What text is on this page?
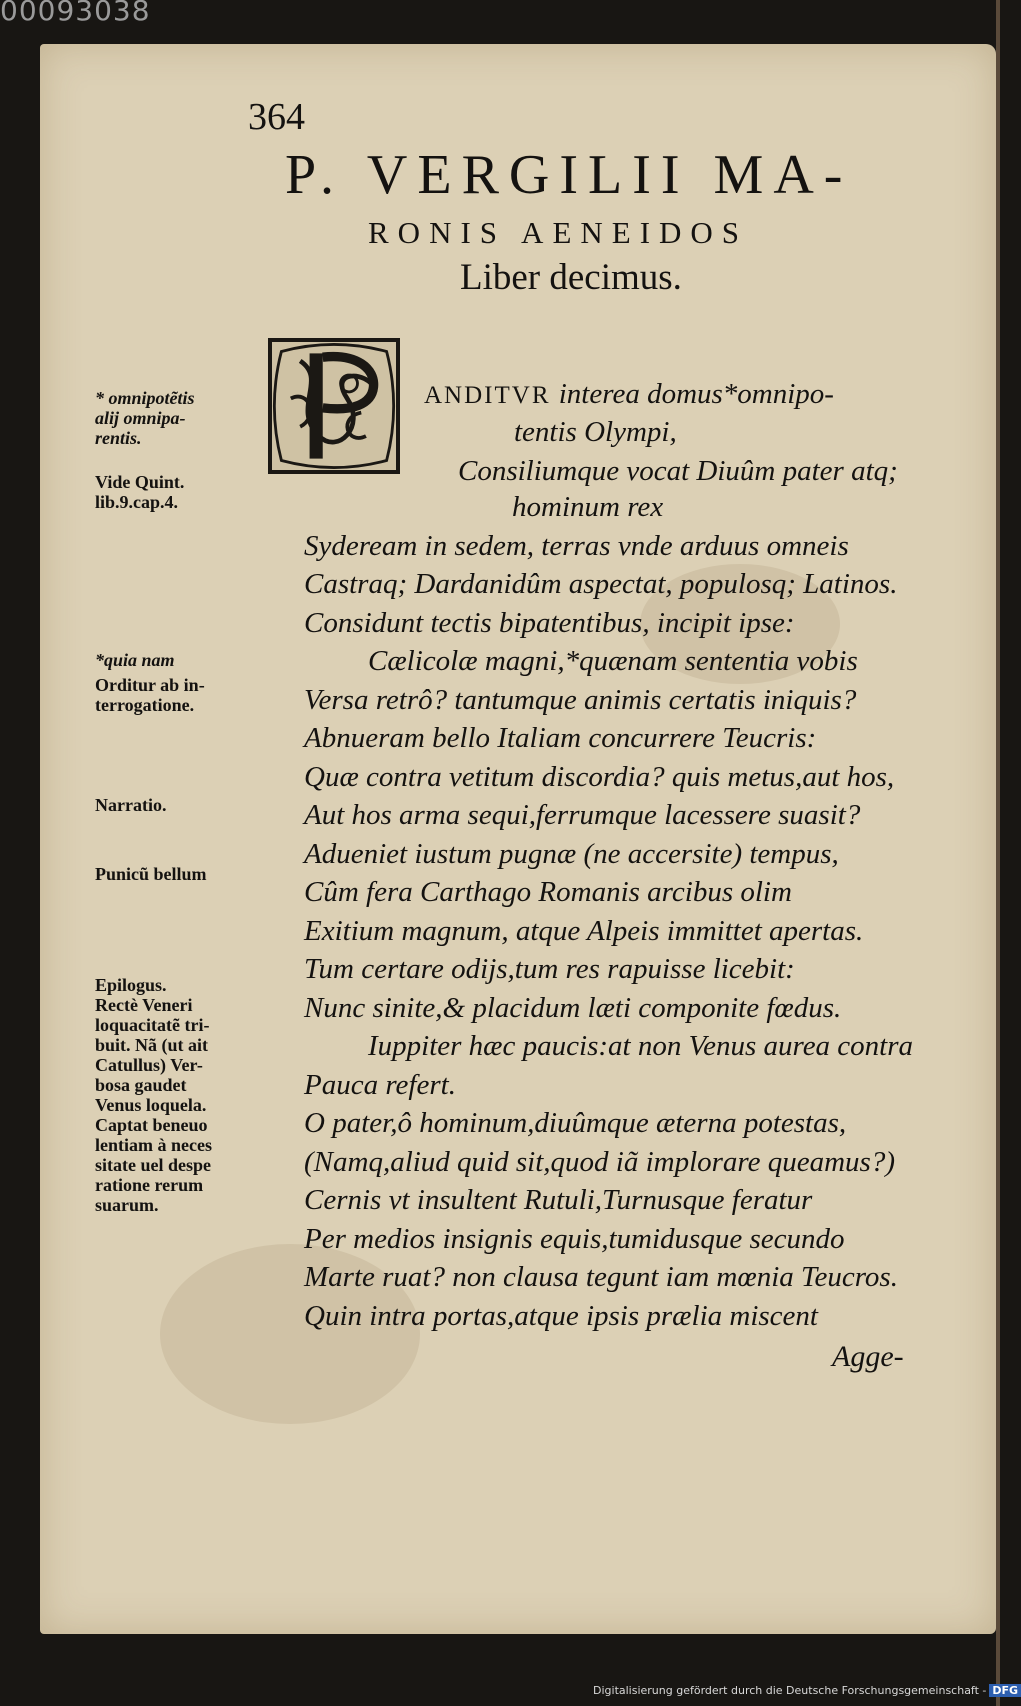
00093038
364
P. VERGILII MA-
RONIS AENEIDOS
Liber decimus.
ANDITVR interea domus*omnipo-
tentis Olympi,
Consiliumque vocat Diuûm pater atq;
hominum rex
Sydeream in sedem, terras vnde arduus omneis
Castraq; Dardanidûm aspectat, populosq; Latinos.
Considunt tectis bipatentibus, incipit ipse:
Cælicolæ magni,*quænam sententia vobis
Versa retrô? tantumque animis certatis iniquis?
Abnueram bello Italiam concurrere Teucris:
Quæ contra vetitum discordia? quis metus,aut hos,
Aut hos arma sequi,ferrumque lacessere suasit?
Adueniet iustum pugnæ (ne accersite) tempus,
Cûm fera Carthago Romanis arcibus olim
Exitium magnum, atque Alpeis immittet apertas.
Tum certare odijs,tum res rapuisse licebit:
Nunc sinite,& placidum læti componite fœdus.
Iuppiter hæc paucis:at non Venus aurea contra
Pauca refert.
O pater,ô hominum,diuûmque æterna potestas,
(Namq,aliud quid sit,quod iã implorare queamus?)
Cernis vt insultent Rutuli,Turnusque feratur
Per medios insignis equis,tumidusque secundo
Marte ruat? non clausa tegunt iam mœnia Teucros.
Quin intra portas,atque ipsis prælia miscent
Agge-
* omnipotẽtis
alij omnipa-
rentis.
Vide Quint.
lib.9.cap.4.
*quia nam
Orditur ab in-
terrogatione.
Narratio.
Punicũ bellum
Epilogus.
Rectè Veneri
loquacitatẽ tri-
buit. Nã (ut ait
Catullus) Ver-
bosa gaudet
Venus loquela.
Captat beneuo
lentiam à neces
sitate uel despe
ratione rerum
suarum.
Digitalisierung gefördert durch die Deutsche Forschungsgemeinschaft - DFG
